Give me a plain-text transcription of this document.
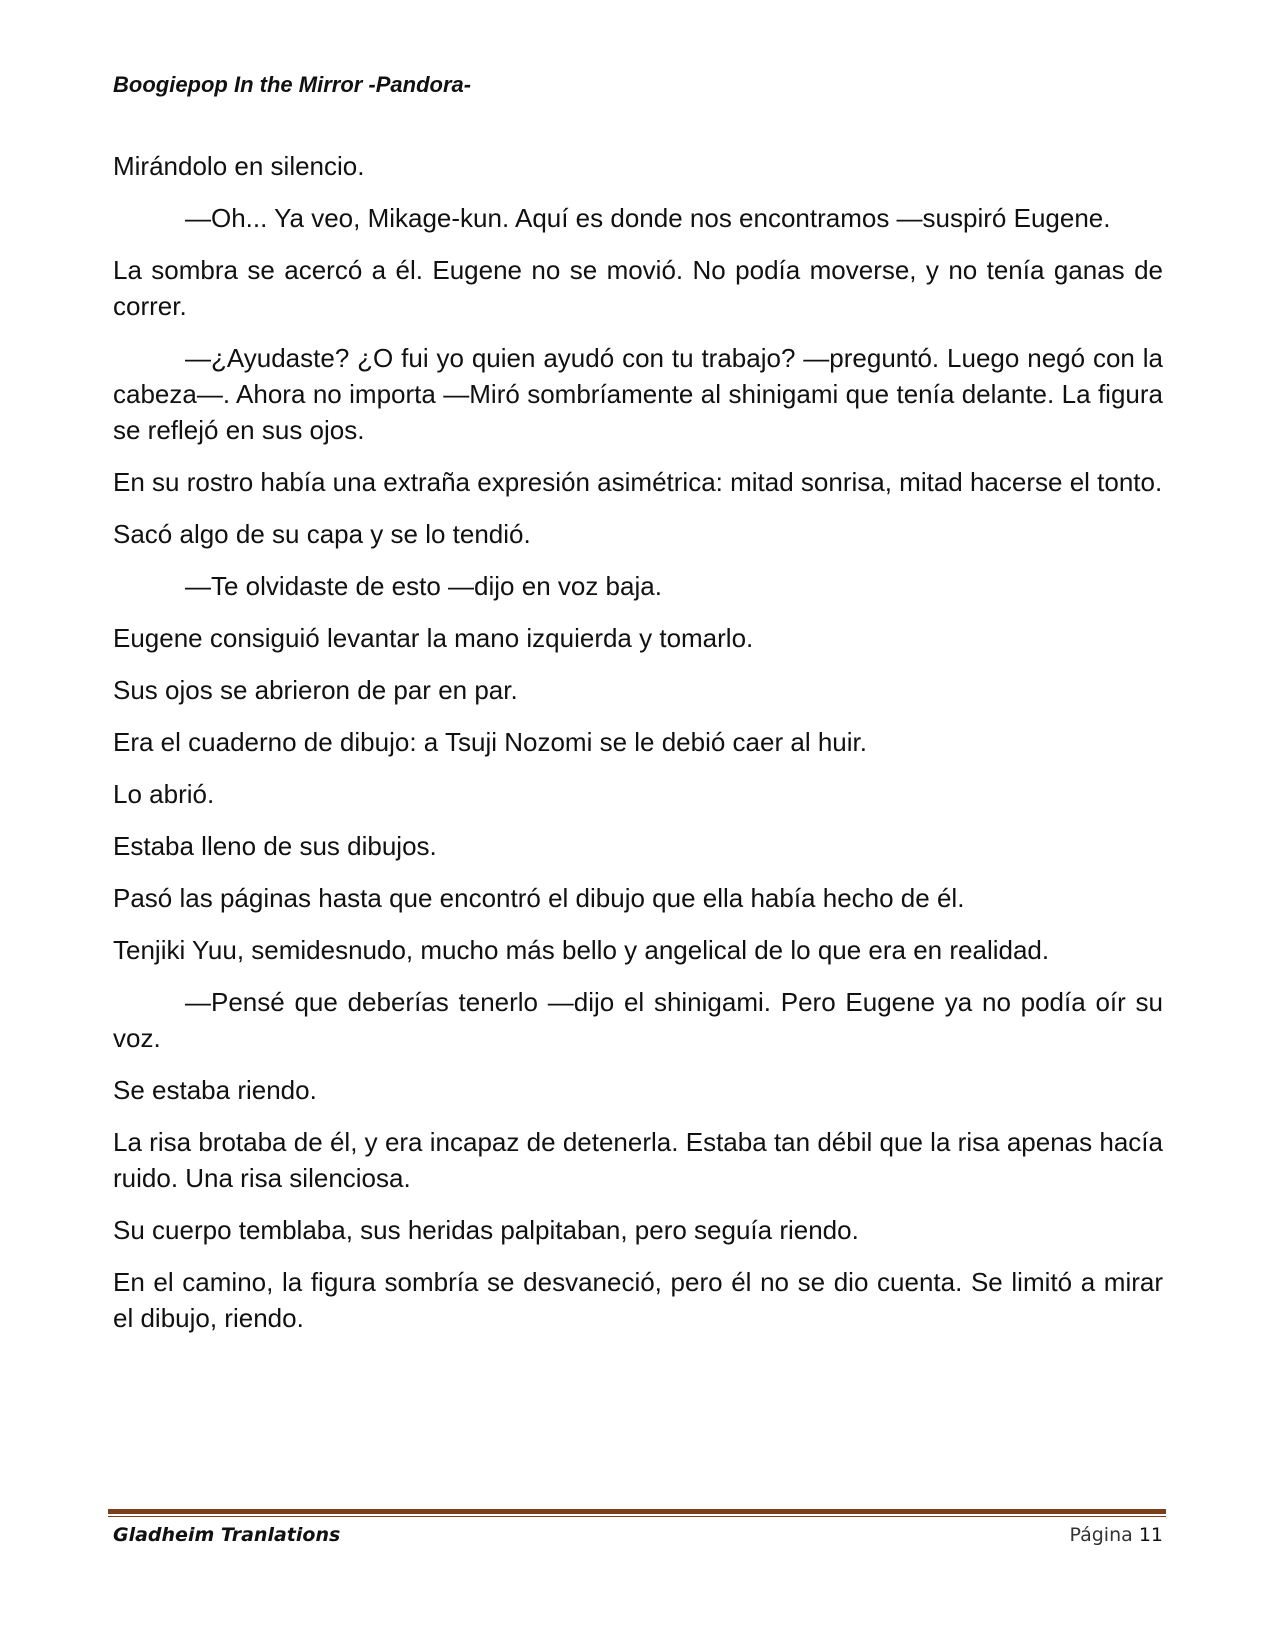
Boogiepop In the Mirror -Pandora-

Mirándolo en silencio.

—Oh... Ya veo, Mikage-kun. Aquí es donde nos encontramos —suspiró Eugene.

La sombra se acercó a él. Eugene no se movió. No podía moverse, y no tenía ganas de correr.

—¿Ayudaste? ¿O fui yo quien ayudó con tu trabajo? —preguntó. Luego negó con la cabeza—. Ahora no importa —Miró sombríamente al shinigami que tenía delante. La figura se reflejó en sus ojos.

En su rostro había una extraña expresión asimétrica: mitad sonrisa, mitad hacerse el tonto.

Sacó algo de su capa y se lo tendió.

—Te olvidaste de esto —dijo en voz baja.

Eugene consiguió levantar la mano izquierda y tomarlo.

Sus ojos se abrieron de par en par.

Era el cuaderno de dibujo: a Tsuji Nozomi se le debió caer al huir.

Lo abrió.

Estaba lleno de sus dibujos.

Pasó las páginas hasta que encontró el dibujo que ella había hecho de él.

Tenjiki Yuu, semidesnudo, mucho más bello y angelical de lo que era en realidad.

—Pensé que deberías tenerlo —dijo el shinigami. Pero Eugene ya no podía oír su voz.

Se estaba riendo.

La risa brotaba de él, y era incapaz de detenerla. Estaba tan débil que la risa apenas hacía ruido. Una risa silenciosa.

Su cuerpo temblaba, sus heridas palpitaban, pero seguía riendo.

En el camino, la figura sombría se desvaneció, pero él no se dio cuenta. Se limitó a mirar el dibujo, riendo.

Gladheim Tranlations	Página 11
